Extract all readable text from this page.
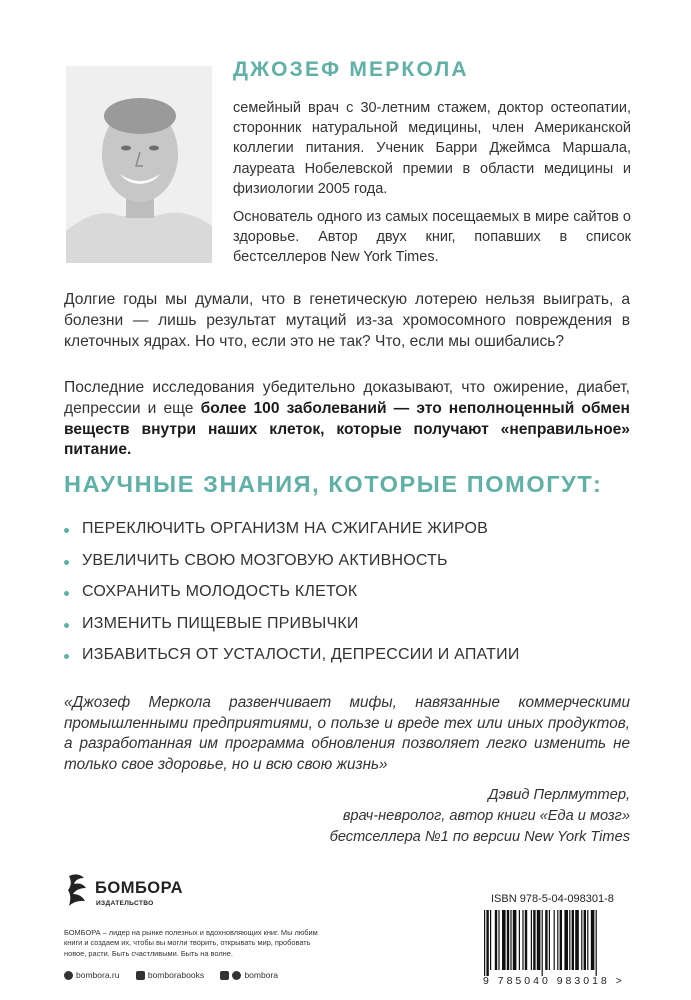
ДЖОЗЕФ МЕРКОЛА

семейный врач с 30-летним стажем, доктор остеопатии, сторонник натуральной медицины, член Американской коллегии питания. Ученик Барри Джеймса Маршала, лауреата Нобелевской премии в области медицины и физиологии 2005 года.

Основатель одного из самых посещаемых в мире сайтов о здоровье. Автор двух книг, попавших в список бестселлеров New York Times.

Долгие годы мы думали, что в генетическую лотерею нельзя выиграть, а болезни — лишь результат мутаций из-за хромосомного повреждения в клеточных ядрах. Но что, если это не так? Что, если мы ошибались?

Последние исследования убедительно доказывают, что ожирение, диабет, депрессии и еще более 100 заболеваний — это неполноценный обмен веществ внутри наших клеток, которые получают «неправильное» питание.

НАУЧНЫЕ ЗНАНИЯ, КОТОРЫЕ ПОМОГУТ:
ПЕРЕКЛЮЧИТЬ ОРГАНИЗМ НА СЖИГАНИЕ ЖИРОВ
УВЕЛИЧИТЬ СВОЮ МОЗГОВУЮ АКТИВНОСТЬ
СОХРАНИТЬ МОЛОДОСТЬ КЛЕТОК
ИЗМЕНИТЬ ПИЩЕВЫЕ ПРИВЫЧКИ
ИЗБАВИТЬСЯ ОТ УСТАЛОСТИ, ДЕПРЕССИИ И АПАТИИ

«Джозеф Меркола развенчивает мифы, навязанные коммерческими промышленными предприятиями, о пользе и вреде тех или иных продуктов, а разработанная им программа обновления позволяет легко изменить не только свое здоровье, но и всю свою жизнь»

Дэвид Перлмуттер,
врач-невролог, автор книги «Еда и мозг»
бестселлера №1 по версии New York Times
БОМБОРА
ИЗДАТЕЛЬСТВО

БОМБОРА – лидер на рынке полезных и вдохновляющих книг. Мы любим книги и создаем их, чтобы вы могли творить, открывать мир, пробовать новое, расти. Быть счастливыми. Быть на волне.

bombora.ru
	bomborabooks
	bombora
ISBN 978-5-04-098301-8
9 785040 983018 >
